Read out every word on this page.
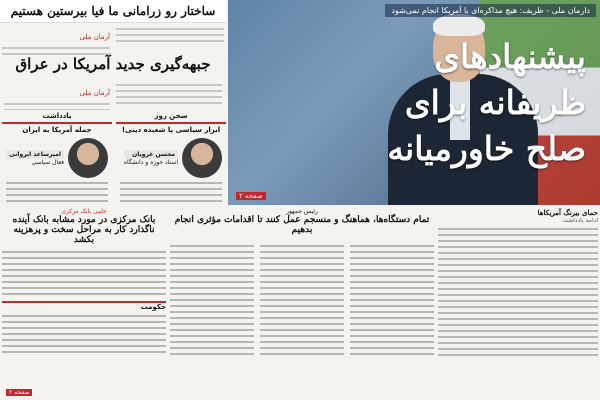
دارمان ملی - ظریف: هیچ مذاکره‌ای با آمریکا انجام نمی‌شود
پیشنهادهای ظریفانه برای صلح خاورمیانه
صفحه ۲
ساختار رو زرامانی ما فیا بیرستین هستیم
آرمان ملی
جبهه‌گیری جدید آمریکا در عراق
آرمان ملی
سخن روز
ابزار سیاسی یا شعبده دینی!
محسن غرویان
استاد حوزه و دانشگاه
یادداشت
حمله آمریکا به ایران
امیرساعد ایروانی
فعال سیاسی
حمای بیرنگ آمریکاها
ادامه یادداشت
رئیس جمهور
تمام دستگاه‌ها، هماهنگ و منسجم عمل کنند تا اقدامات مؤثری انجام بدهیم
حامی بانک مرکزی
بانک مرکزی در مورد مشابه بانک آینده ناگذارد کار به مراحل سخت و پرهزینه بکشد
حکومت
صفحه ۲
